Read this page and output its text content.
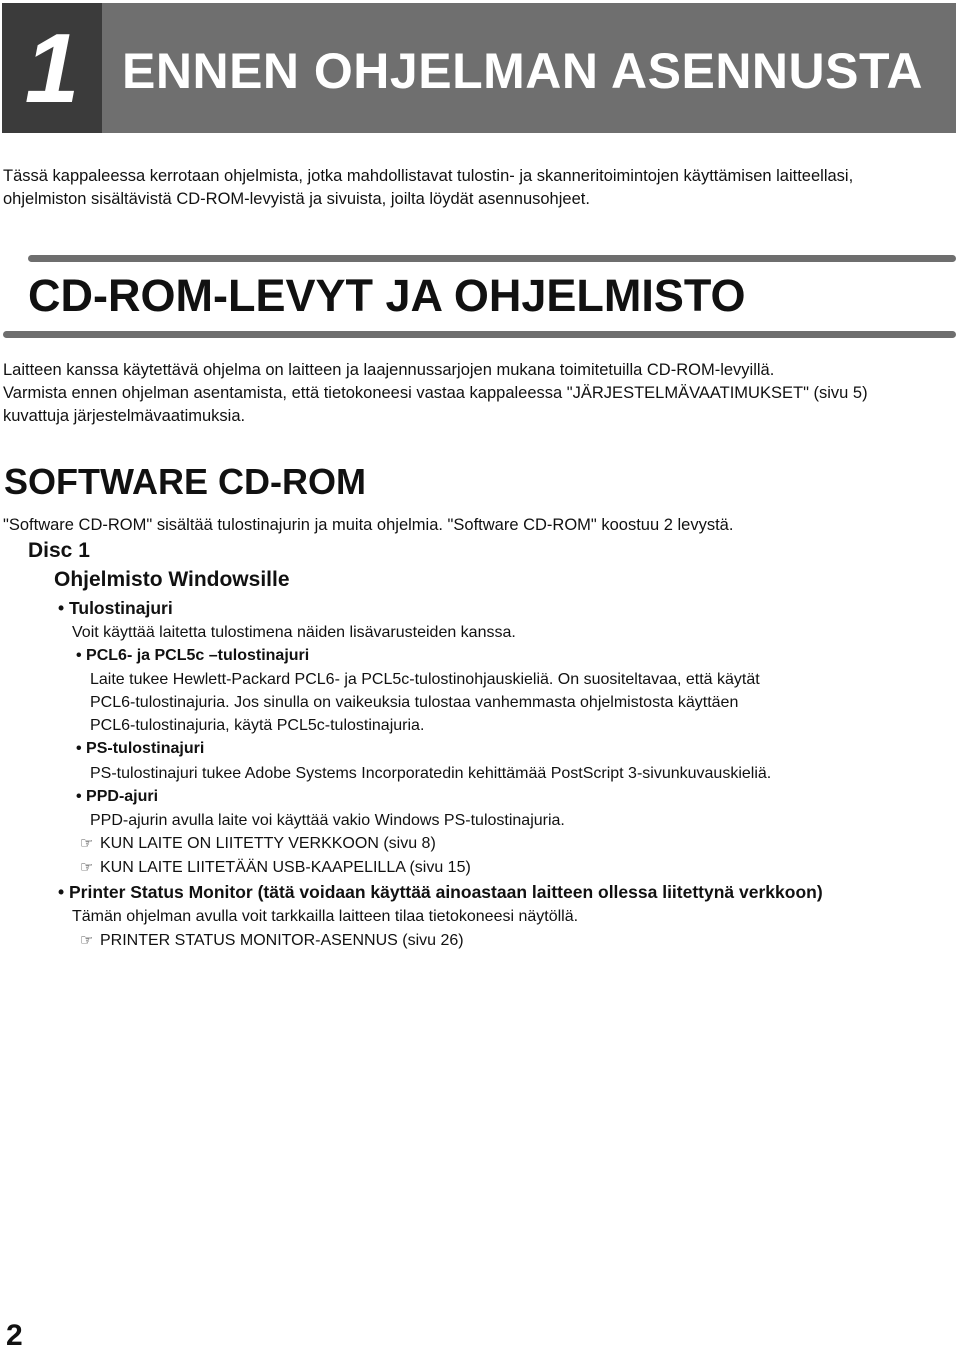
1 ENNEN OHJELMAN ASENNUSTA
Tässä kappaleessa kerrotaan ohjelmista, jotka mahdollistavat tulostin- ja skanneritoimintojen käyttämisen laitteellasi,
ohjelmiston sisältävistä CD-ROM-levyistä ja sivuista, joilta löydät asennusohjeet.
CD-ROM-LEVYT JA OHJELMISTO
Laitteen kanssa käytettävä ohjelma on laitteen ja laajennussarjojen mukana toimitetuilla CD-ROM-levyillä.
Varmista ennen ohjelman asentamista, että tietokoneesi vastaa kappaleessa "JÄRJESTELMÄVAATIMUKSET" (sivu 5)
kuvattuja järjestelmävaatimuksia.
SOFTWARE CD-ROM
"Software CD-ROM" sisältää tulostinajurin ja muita ohjelmia. "Software CD-ROM" koostuu 2 levystä.
Disc 1
Ohjelmisto Windowsille
• Tulostinajuri
Voit käyttää laitetta tulostimena näiden lisävarusteiden kanssa.
• PCL6- ja PCL5c –tulostinajuri
Laite tukee Hewlett-Packard PCL6- ja PCL5c-tulostinohjauskieliä. On suositeltavaa, että käytät
PCL6-tulostinajuria. Jos sinulla on vaikeuksia tulostaa vanhemmasta ohjelmistosta käyttäen
PCL6-tulostinajuria, käytä PCL5c-tulostinajuria.
• PS-tulostinajuri
PS-tulostinajuri tukee Adobe Systems Incorporatedin kehittämää PostScript 3-sivunkuvauskieliä.
• PPD-ajuri
PPD-ajurin avulla laite voi käyttää vakio Windows PS-tulostinajuria.
☞ KUN LAITE ON LIITETTY VERKKOON (sivu 8)
☞ KUN LAITE LIITETÄÄN USB-KAAPELILLA (sivu 15)
• Printer Status Monitor (tätä voidaan käyttää ainoastaan laitteen ollessa liitettynä verkkoon)
Tämän ohjelman avulla voit tarkkailla laitteen tilaa tietokoneesi näytöllä.
☞ PRINTER STATUS MONITOR-ASENNUS (sivu 26)
2
